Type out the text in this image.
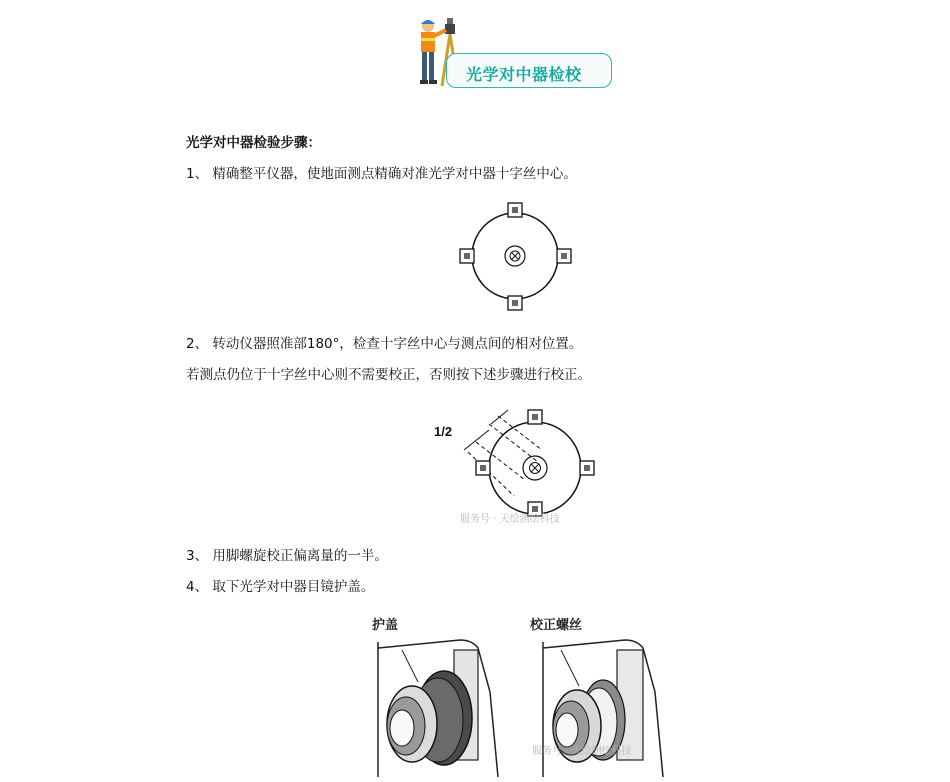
光学对中器检校
光学对中器检验步骤：
1、 精确整平仪器，使地面测点精确对准光学对中器十字丝中心。
2、 转动仪器照准部180°，检查十字丝中心与测点间的相对位置。
若测点仍位于十字丝中心则不需要校正，否则按下述步骤进行校正。
1/2
服务号 · 天绘测绘科技
3、 用脚螺旋校正偏离量的一半。
4、 取下光学对中器目镜护盖。
护盖	校正螺丝
服务号 · 天绘测绘科技
